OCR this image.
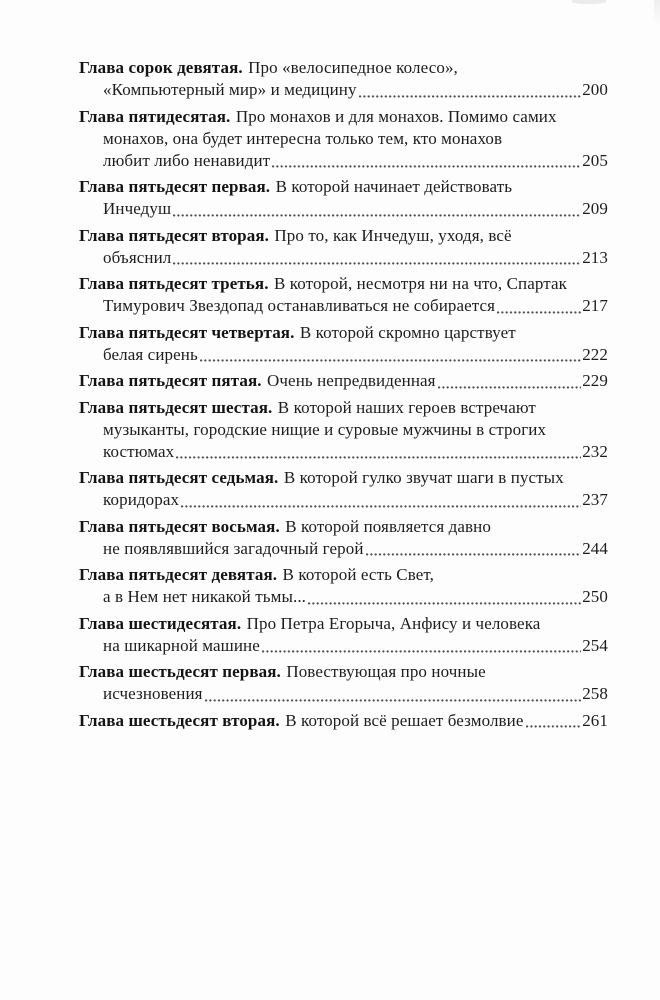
Глава сорок девятая. Про «велосипедное колесо»,
«Компьютерный мир» и медицину	200
Глава пятидесятая. Про монахов и для монахов. Помимо самих
монахов, она будет интересна только тем, кто монахов
любит либо ненавидит	205
Глава пятьдесят первая. В которой начинает действовать
Инчедуш	209
Глава пятьдесят вторая. Про то, как Инчедуш, уходя, всё
объяснил	213
Глава пятьдесят третья. В которой, несмотря ни на что, Спартак
Тимурович Звездопад останавливаться не собирается	217
Глава пятьдесят четвертая. В которой скромно царствует
белая сирень	222
Глава пятьдесят пятая. Очень непредвиденная	229
Глава пятьдесят шестая. В которой наших героев встречают
музыканты, городские нищие и суровые мужчины в строгих
костюмах	232
Глава пятьдесят седьмая. В которой гулко звучат шаги в пустых
коридорах	237
Глава пятьдесят восьмая. В которой появляется давно
не появлявшийся загадочный герой	244
Глава пятьдесят девятая. В которой есть Свет,
а в Нем нет никакой тьмы...	250
Глава шестидесятая. Про Петра Егорыча, Анфису и человека
на шикарной машине	254
Глава шестьдесят первая. Повествующая про ночные
исчезновения	258
Глава шестьдесят вторая. В которой всё решает безмолвие	261
